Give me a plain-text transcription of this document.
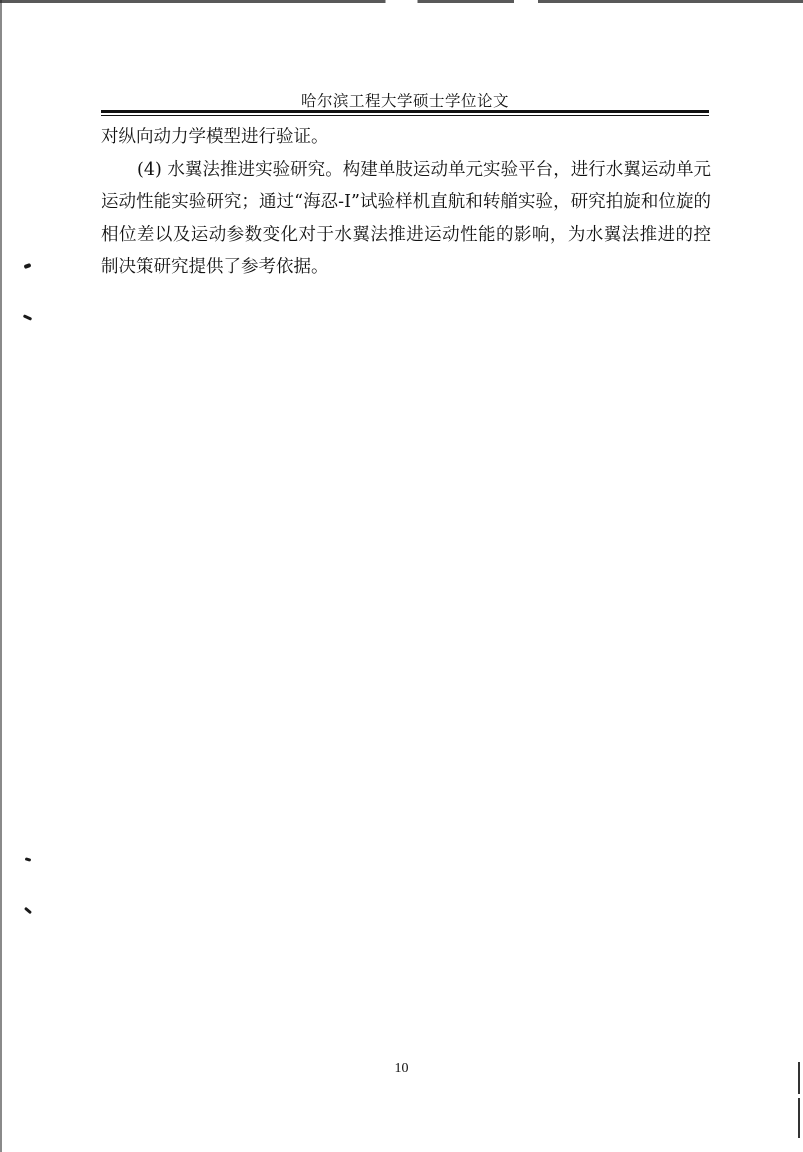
哈尔滨工程大学硕士学位论文

对纵向动力学模型进行验证。

(4) 水翼法推进实验研究。构建单肢运动单元实验平台，进行水翼运动单元运动性能实验研究；通过“海忍-I”试验样机直航和转艏实验，研究拍旋和位旋的相位差以及运动参数变化对于水翼法推进运动性能的影响，为水翼法推进的控制决策研究提供了参考依据。

10
